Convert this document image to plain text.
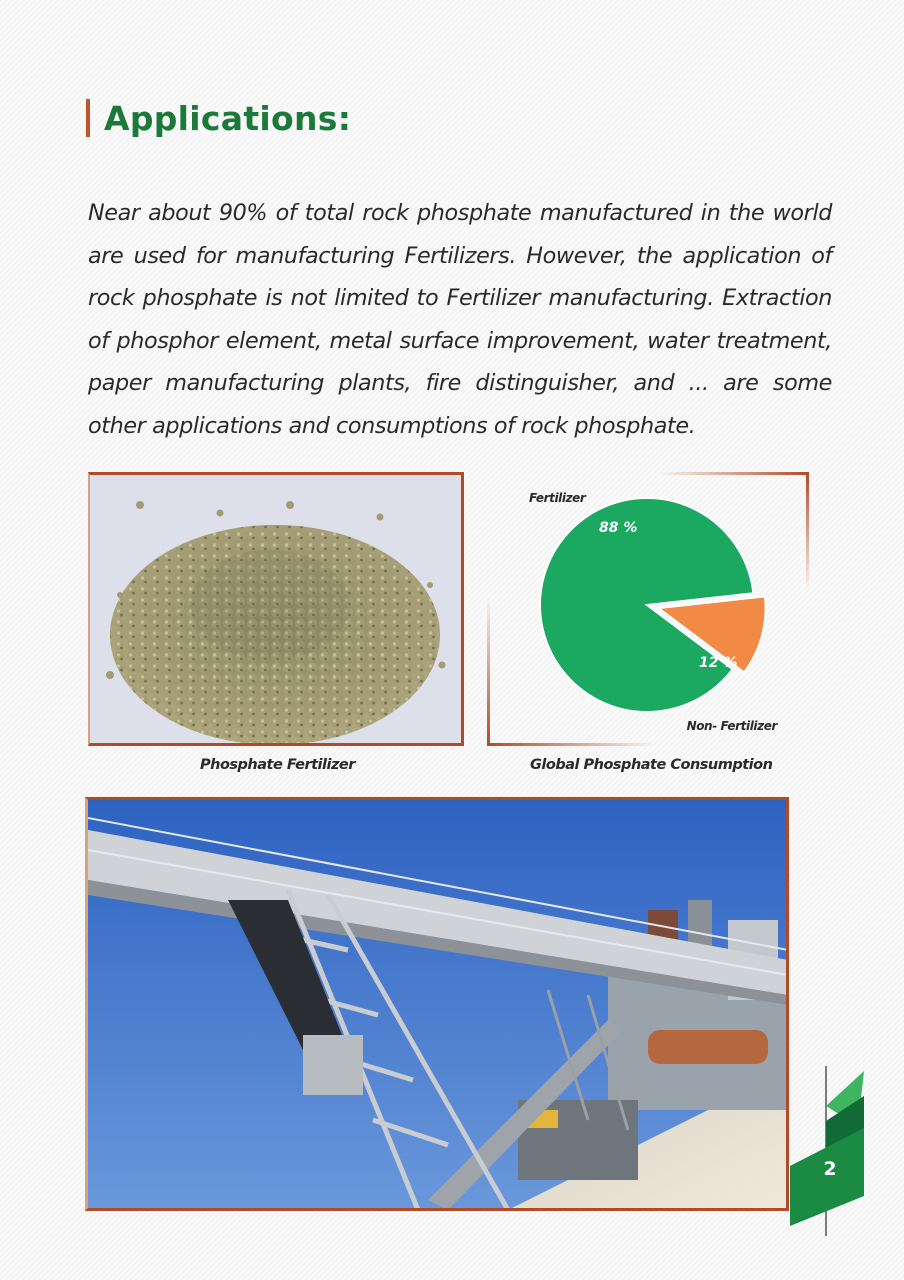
Applications:
Near about 90% of total rock phosphate manufactured in the world are used for manufacturing Fertilizers. However, the application of rock phosphate is not limited to Fertilizer manufacturing. Extraction of phosphor element, metal surface improvement, water treatment, paper manufacturing plants, fire distinguisher, and ... are some other applications and consumptions of rock phosphate.
88 %
12 %
Fertilizer
Non- Fertilizer
Phosphate Fertilizer	Global Phosphate Consumption
2
